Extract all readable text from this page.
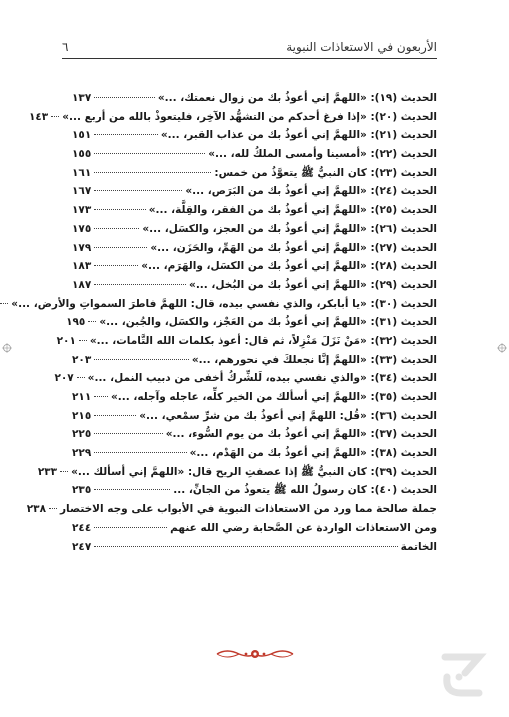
الأربعون في الاستعاذات النبوية
٦
الحديث (١٩): «اللهمَّ إني أعوذُ بك من زوال نعمتك، ...»
١٣٧
الحديث (٢٠): «إذا فرغ أحدكم من التشهُّد الآخِر، فليتعوذْ بالله من أربع ...»
١٤٣
الحديث (٢١): «اللهمَّ إني أعوذُ بك من عذاب القبر، ...»
١٥١
الحديث (٢٢): «أمسينا وأمسى الملكُ لله، ...»
١٥٥
الحديث (٢٣): كان النبيُّ ﷺ يتعوَّذُ من خمس:
١٦١
الحديث (٢٤): «اللهمَّ إني أعوذُ بك من البَرَص، ...»
١٦٧
الحديث (٢٥): «اللهمَّ إني أعوذُ بك من الفقر، والقِلَّة، ...»
١٧٣
الحديث (٢٦): «اللهمَّ إني أعوذُ بك من العجز، والكسَل، ...»
١٧٥
الحديث (٢٧): «اللهمَّ إني أعوذُ بك من الهَمِّ، والحَزَن، ...»
١٧٩
الحديث (٢٨): «اللهمَّ إني أعوذُ بك من الكسَل، والهَرَم، ...»
١٨٣
الحديث (٢٩): «اللهمَّ إني أعوذُ بك من البُخل، ...»
١٨٧
الحديث (٣٠): «يا أبابكر، والذي نفسي بيده، قال: اللهمَّ فاطرَ السمواتِ والأرض، ...»
الحديث (٣١): «اللهمَّ إني أعوذُ بك من العَجْز، والكسَل، والجُبن، ...»
١٩٥
الحديث (٣٢): «مَنْ نَزَلَ مَنْزِلاً، ثم قال: أعوذ بكلمات الله التَّامات، ...»
٢٠١
الحديث (٣٣): «اللهمَّ إنَّا نجعلكَ في نحورهم، ...»
٢٠٣
الحديث (٣٤): «والذي نفسي بيده، لَلشِّركُ أخفى من دبيب النمل، ...»
٢٠٧
الحديث (٣٥): «اللهمَّ إني أسألك من الخير كلِّه، عاجله وآجله، ...»
٢١١
الحديث (٣٦): «قُل: اللهمَّ إني أعوذُ بك من شرِّ سمْعي، ...»
٢١٥
الحديث (٣٧): «اللهمَّ إني أعوذُ بك من يوم السُّوء، ...»
٢٢٥
الحديث (٣٨): «اللهمَّ إني أعوذُ بك من الهَدْم، ...»
٢٢٩
الحديث (٣٩): كان النبيُّ ﷺ إذا عصفتِ الريح قال: «اللهمَّ إني أسألك ...»
٢٣٣
الحديث (٤٠): كان رسولُ الله ﷺ يتعوذُ من الجانِّ، ...
٢٣٥
جملة صالحة مما ورد من الاستعاذات النبوية في الأبواب على وجه الاختصار
٢٣٨
ومن الاستعاذات الواردة عن الصَّحابة رضي الله عنهم
٢٤٤
الخاتمة
٢٤٧
